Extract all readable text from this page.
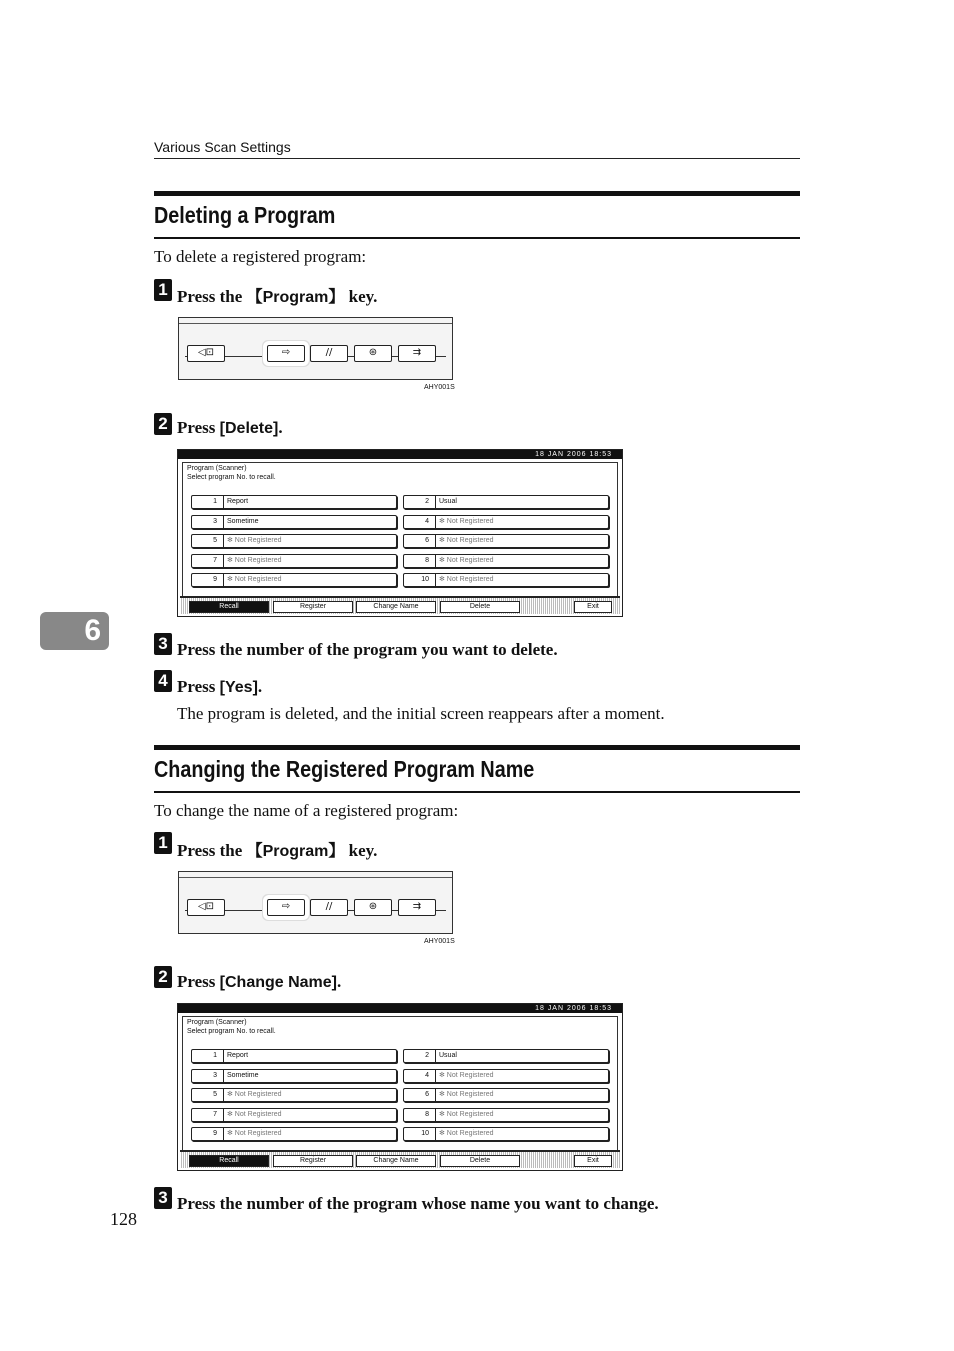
Various Scan Settings
Deleting a Program
To delete a registered program:
1 Press the 【Program】 key.
◁⊡	⇨	//	⊛	⇉
AHY001S
2 Press [Delete].
18 JAN 2006 18:53
Program (Scanner)
Select program No. to recall.
1	Report	2	Usual
3	Sometime	4	✻ Not Registered
5	✻ Not Registered	6	✻ Not Registered
7	✻ Not Registered	8	✻ Not Registered
9	✻ Not Registered	10	✻ Not Registered
Recall	Register	Change Name	Delete	Exit
6	3 Press the number of the program you want to delete.
4 Press [Yes].
The program is deleted, and the initial screen reappears after a moment.
Changing the Registered Program Name
To change the name of a registered program:
1 Press the 【Program】 key.
◁⊡	⇨	//	⊛	⇉
AHY001S
2 Press [Change Name].
18 JAN 2006 18:53
Program (Scanner)
Select program No. to recall.
1	Report	2	Usual
3	Sometime	4	✻ Not Registered
5	✻ Not Registered	6	✻ Not Registered
7	✻ Not Registered	8	✻ Not Registered
9	✻ Not Registered	10	✻ Not Registered
Recall	Register	Change Name	Delete	Exit
3 Press the number of the program whose name you want to change.
128
